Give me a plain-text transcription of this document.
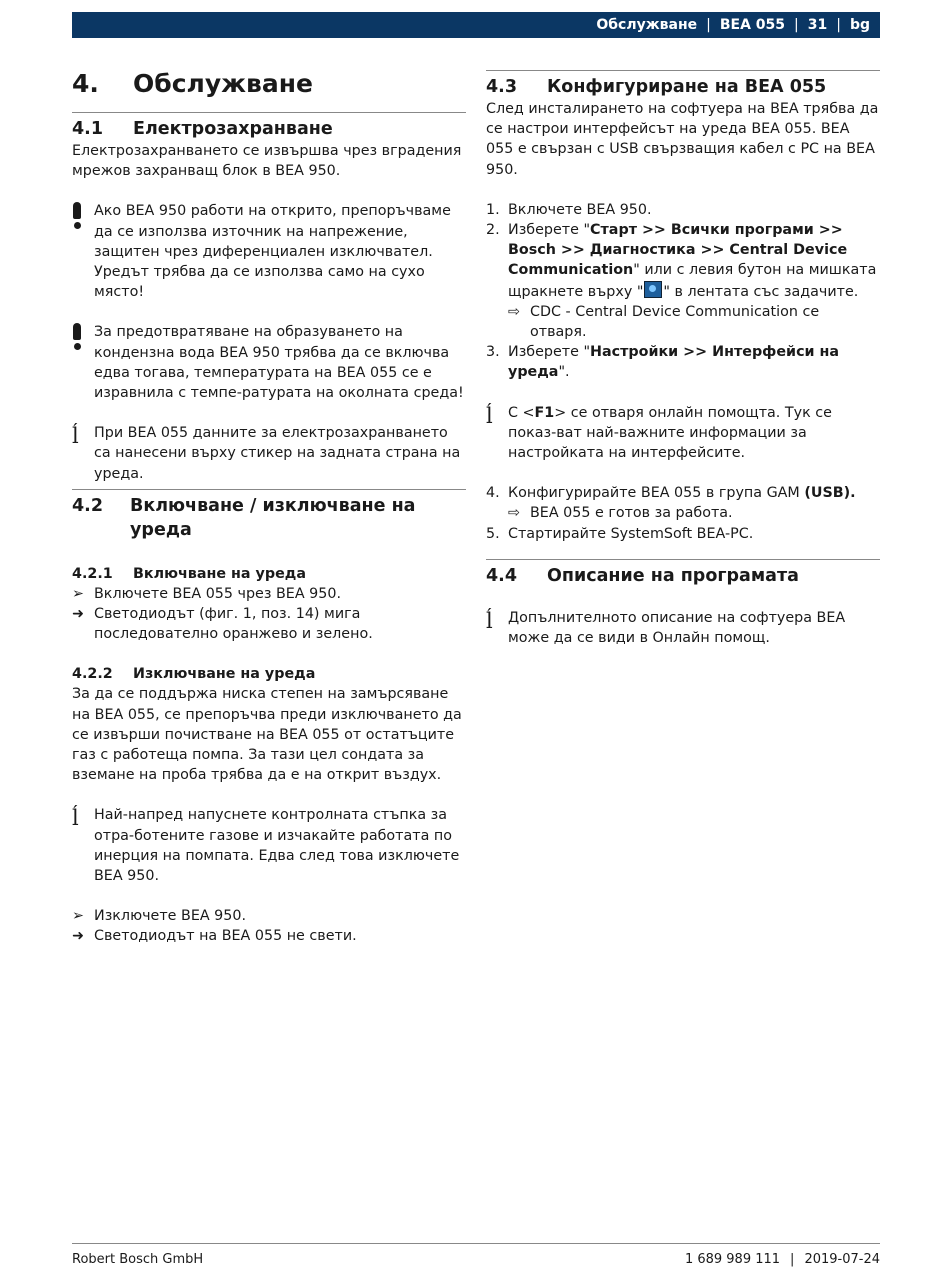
Обслужване | BEA 055 | 31 | bg
4.	Обслужване
4.1	Електрозахранване

Електрозахранването се извършва чрез вградения мрежов захранващ блок в BEA 950.

Ако BEA 950 работи на открито, препоръчваме да се използва източник на напрежение, защитен чрез диференциален изключвател. Уредът трябва да се използва само на сухо място!
За предотвратяване на образуването на кондензна вода BEA 950 трябва да се включва едва тогава, температурата на BEA 055 се е изравнила с темпе-ратурата на околната среда!
ĺ	При BEA 055 данните за електрозахранването са нанесени върху стикер на задната страна на уреда.
4.2	Включване / изключване на уреда
4.2.1	Включване на уреда
➢ Включете BEA 055 чрез BEA 950.
➜ Светодиодът (фиг. 1, поз. 14) мига последователно оранжево и зелено.
4.2.2	Изключване на уреда

За да се поддържа ниска степен на замърсяване на BEA 055, се препоръчва преди изключването да се извърши почистване на BEA 055 от остатъците газ с работеща помпа. За тази цел сондата за вземане на проба трябва да е на открит въздух.

ĺ	Най-напред напуснете контролната стъпка за отра-ботените газове и изчакайте работата по инерция на помпата. Едва след това изключете BEA 950.
➢ Изключете BEA 950.
➜ Светодиодът на BEA 055 не свети.
4.3	Конфигуриране на BEA 055

След инсталирането на софтуера на BEA трябва да се настрои интерфейсът на уреда BEA 055. BEA 055 е свързан с USB свързващия кабел с PC на BEA 950.

1. Включете BEA 950.
2. Изберете "Старт >> Всички програми >> Bosch >> Диагностика >> Central Device Communication" или с левия бутон на мишката щракнете върху " " в лентата със задачите.
⇨ CDC - Central Device Communication се отваря.
3. Изберете "Настройки >> Интерфейси на уреда".
ĺ	С <F1> се отваря онлайн помощта. Тук се показ-ват най-важните информации за настройката на интерфейсите.
4. Конфигурирайте BEA 055 в група GAM (USB).
⇨ BEA 055 е готов за работа.
5. Стартирайте SystemSoft BEA-PC.
4.4	Описание на програмата
ĺ	Допълнителното описание на софтуера BEA може да се види в Онлайн помощ.
Robert Bosch GmbH	1 689 989 111 | 2019-07-24
